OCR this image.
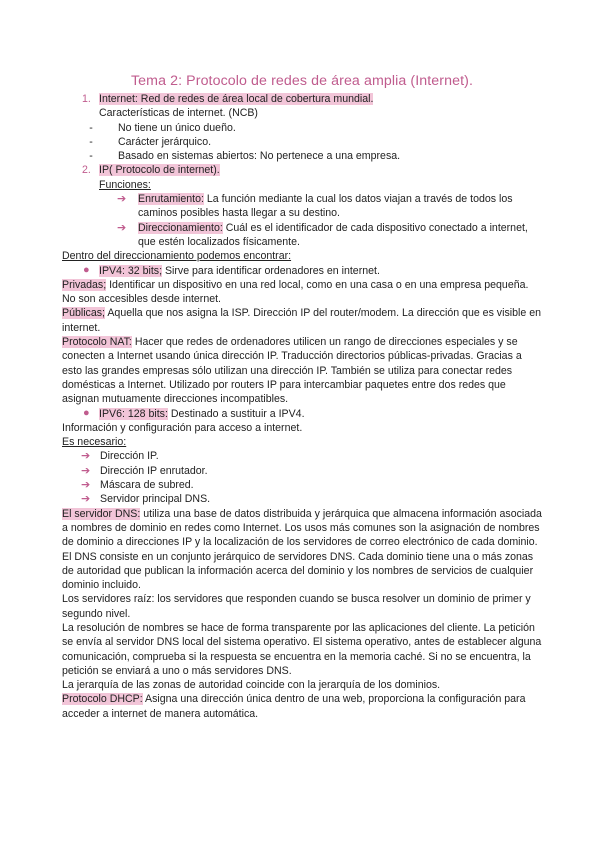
Tema 2: Protocolo de redes de área amplia (Internet).
1. Internet: Red de redes de área local de cobertura mundial.
Características de internet. (NCB)
-	No tiene un único dueño.
-	Carácter jerárquico.
-	Basado en sistemas abiertos: No pertenece a una empresa.
2. IP( Protocolo de internet).
Funciones:
➔ Enrutamiento: La función mediante la cual los datos viajan a través de todos los caminos posibles hasta llegar a su destino.
➔ Direccionamiento: Cuál es el identificador de cada dispositivo conectado a internet, que estén localizados físicamente.

Dentro del direccionamiento podemos encontrar:

● IPV4: 32 bits; Sirve para identificar ordenadores en internet.

Privadas; Identificar un dispositivo en una red local, como en una casa o en una empresa pequeña. No son accesibles desde internet.

Públicas; Aquella que nos asigna la ISP. Dirección IP del router/modem. La dirección que es visible en internet.

Protocolo NAT: Hacer que redes de ordenadores utilicen un rango de direcciones especiales y se conecten a Internet usando única dirección IP. Traducción directorios públicas-privadas. Gracias a esto las grandes empresas sólo utilizan una dirección IP. También se utiliza para conectar redes domésticas a Internet. Utilizado por routers IP para intercambiar paquetes entre dos redes que asignan mutuamente direcciones incompatibles.

● IPV6: 128 bits: Destinado a sustituir a IPV4.

Información y configuración para acceso a internet.

Es necesario:

➔ Dirección IP.
➔ Dirección IP enrutador.
➔ Máscara de subred.
➔ Servidor principal DNS.

El servidor DNS: utiliza una base de datos distribuida y jerárquica que almacena información asociada a nombres de dominio en redes como Internet. Los usos más comunes son la asignación de nombres de dominio a direcciones IP y la localización de los servidores de correo electrónico de cada dominio.

El DNS consiste en un conjunto jerárquico de servidores DNS. Cada dominio tiene una o más zonas de autoridad que publican la información acerca del dominio y los nombres de servicios de cualquier dominio incluido.

Los servidores raíz: los servidores que responden cuando se busca resolver un dominio de primer y segundo nivel.

La resolución de nombres se hace de forma transparente por las aplicaciones del cliente. La petición se envía al servidor DNS local del sistema operativo. El sistema operativo, antes de establecer alguna comunicación, comprueba si la respuesta se encuentra en la memoria caché. Si no se encuentra, la petición se enviará a uno o más servidores DNS.

La jerarquía de las zonas de autoridad coincide con la jerarquía de los dominios.

Protocolo DHCP: Asigna una dirección única dentro de una web, proporciona la configuración para acceder a internet de manera automática.
